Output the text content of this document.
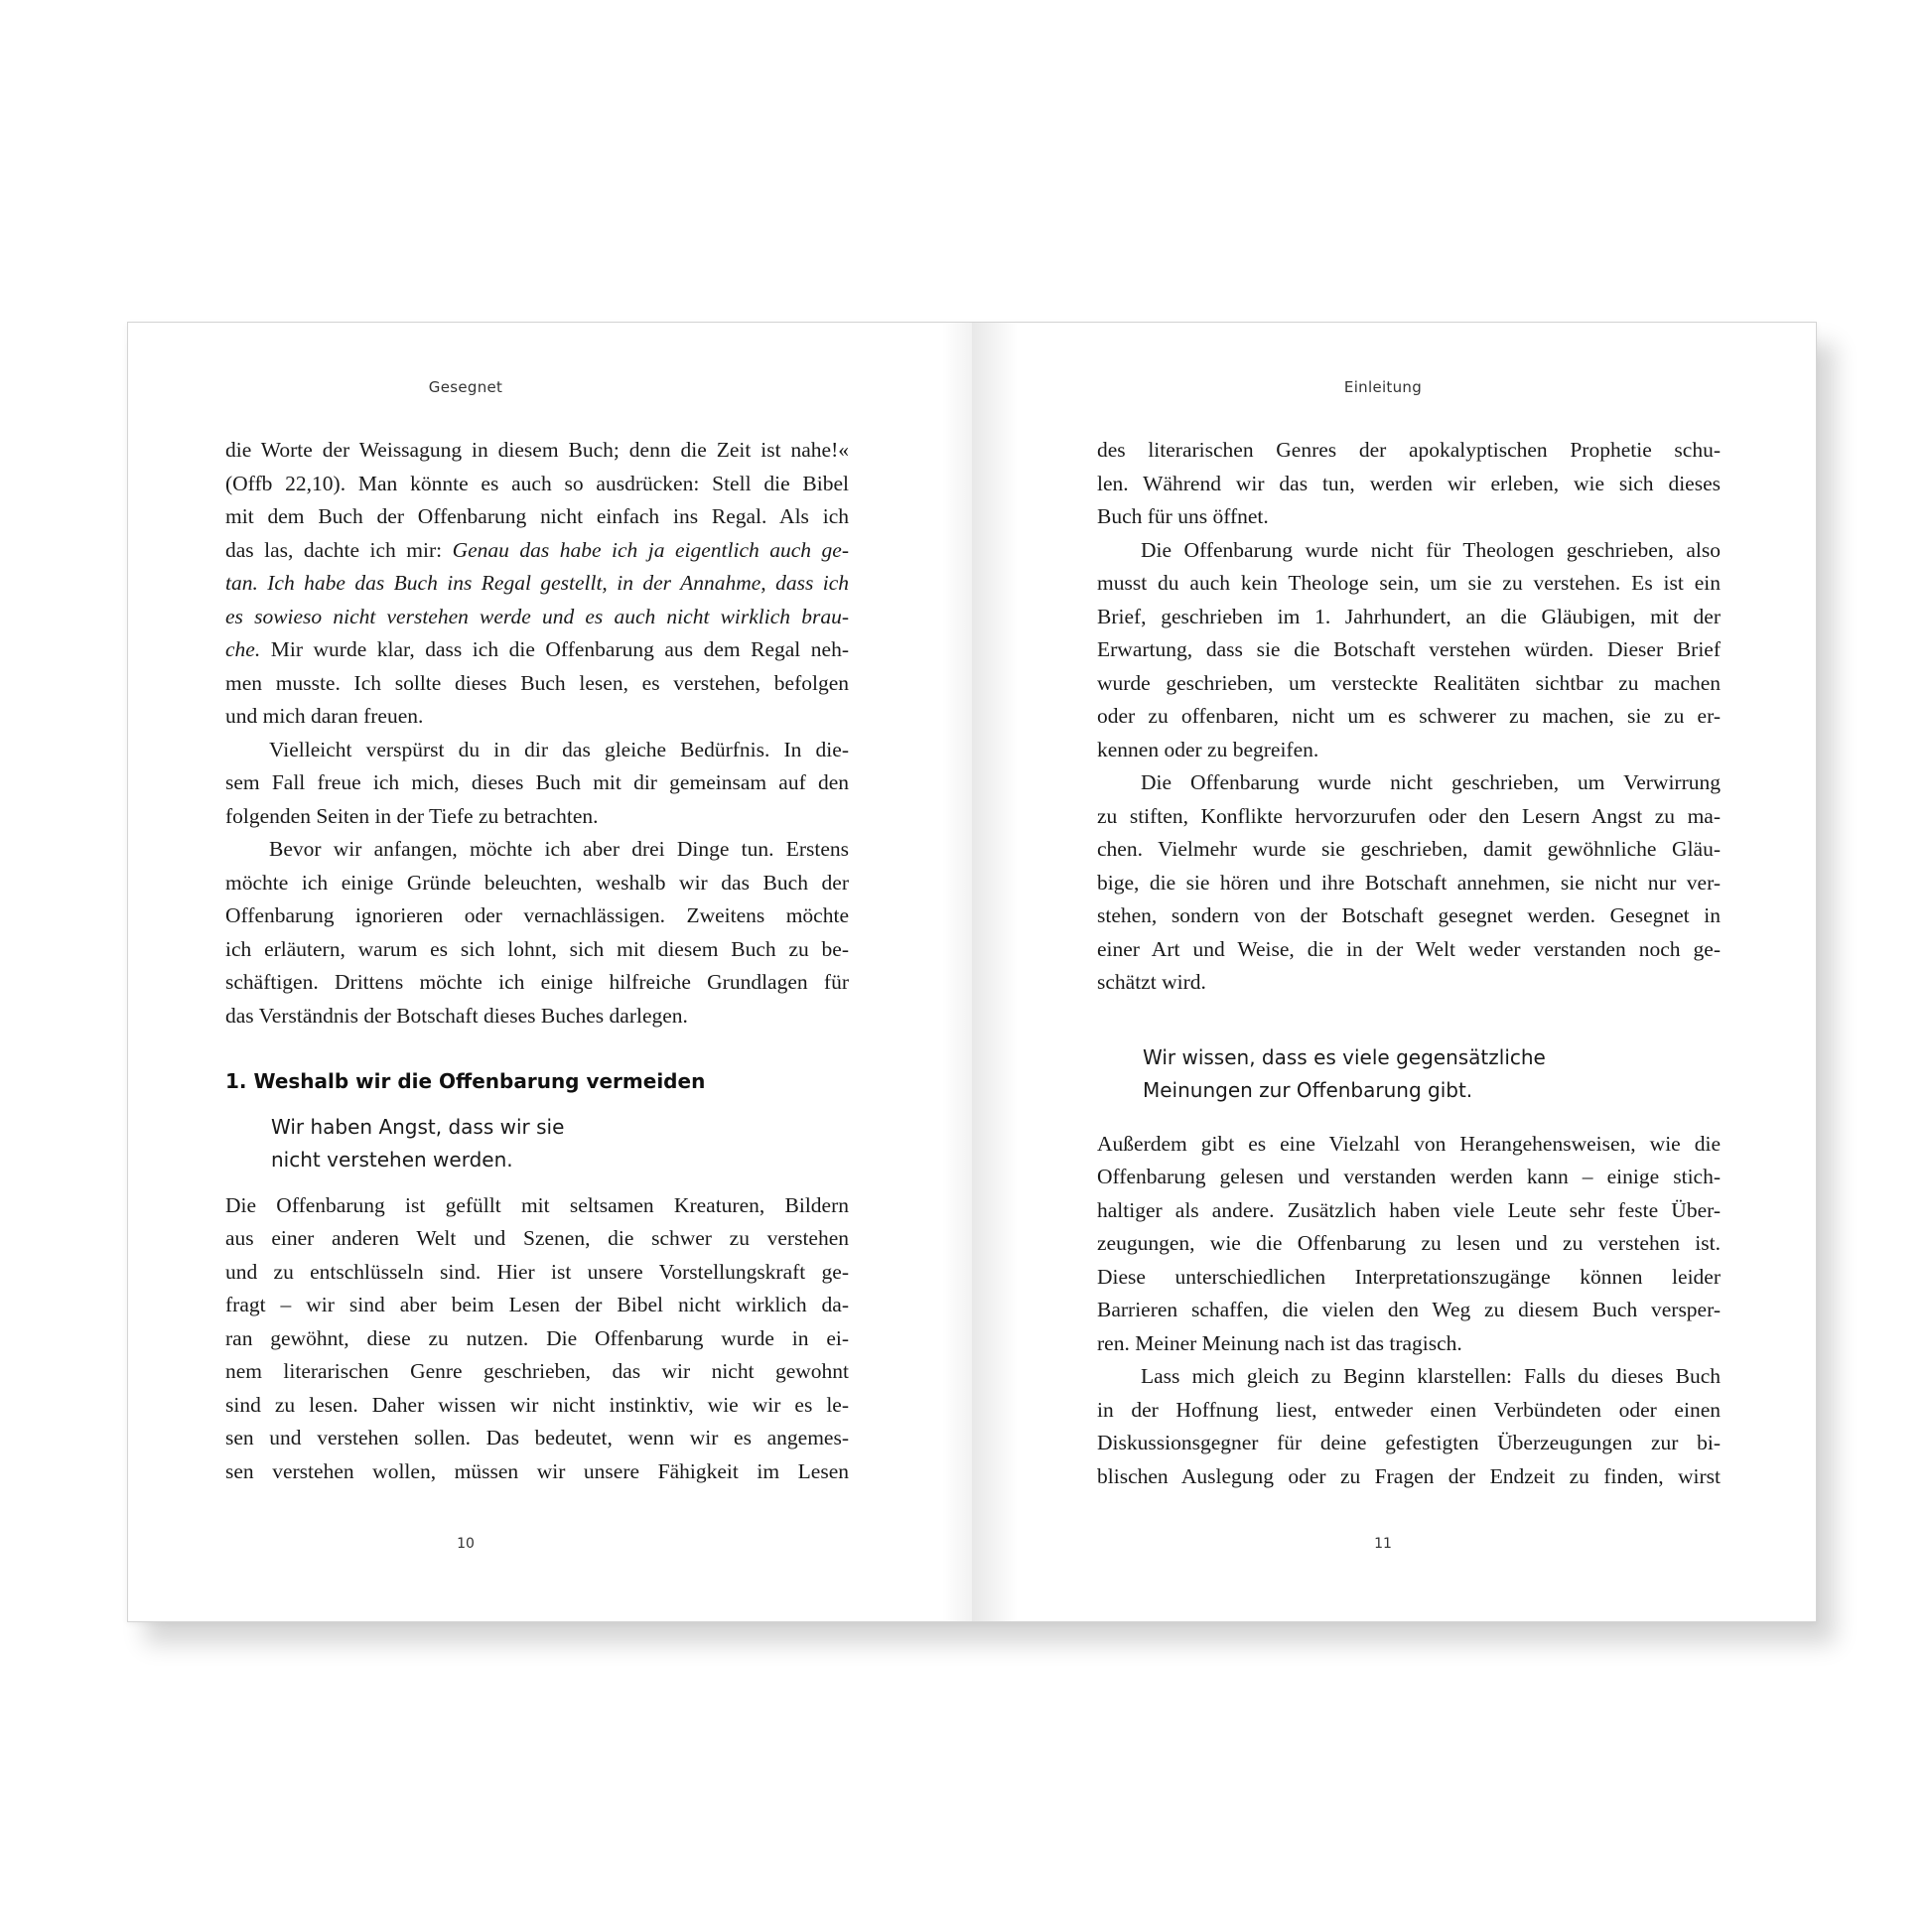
Gesegnet
die Worte der Weissagung in diesem Buch; denn die Zeit ist nahe!«
(Offb 22,10). Man könnte es auch so ausdrücken: Stell die Bibel
mit dem Buch der Offenbarung nicht einfach ins Regal. Als ich
das las, dachte ich mir: Genau das habe ich ja eigentlich auch ge-
tan. Ich habe das Buch ins Regal gestellt, in der Annahme, dass ich
es sowieso nicht verstehen werde und es auch nicht wirklich brau-
che. Mir wurde klar, dass ich die Offenbarung aus dem Regal neh-
men musste. Ich sollte dieses Buch lesen, es verstehen, befolgen
und mich daran freuen.
Vielleicht verspürst du in dir das gleiche Bedürfnis. In die-
sem Fall freue ich mich, dieses Buch mit dir gemeinsam auf den
folgenden Seiten in der Tiefe zu betrachten.
Bevor wir anfangen, möchte ich aber drei Dinge tun. Erstens
möchte ich einige Gründe beleuchten, weshalb wir das Buch der
Offenbarung ignorieren oder vernachlässigen. Zweitens möchte
ich erläutern, warum es sich lohnt, sich mit diesem Buch zu be-
schäftigen. Drittens möchte ich einige hilfreiche Grundlagen für
das Verständnis der Botschaft dieses Buches darlegen.
1. Weshalb wir die Offenbarung vermeiden
Wir haben Angst, dass wir sie
nicht verstehen werden.
Die Offenbarung ist gefüllt mit seltsamen Kreaturen, Bildern
aus einer anderen Welt und Szenen, die schwer zu verstehen
und zu entschlüsseln sind. Hier ist unsere Vorstellungskraft ge-
fragt – wir sind aber beim Lesen der Bibel nicht wirklich da-
ran gewöhnt, diese zu nutzen. Die Offenbarung wurde in ei-
nem literarischen Genre geschrieben, das wir nicht gewohnt
sind zu lesen. Daher wissen wir nicht instinktiv, wie wir es le-
sen und verstehen sollen. Das bedeutet, wenn wir es angemes-
sen verstehen wollen, müssen wir unsere Fähigkeit im Lesen
10
Einleitung
des literarischen Genres der apokalyptischen Prophetie schu-
len. Während wir das tun, werden wir erleben, wie sich dieses
Buch für uns öffnet.
Die Offenbarung wurde nicht für Theologen geschrieben, also
musst du auch kein Theologe sein, um sie zu verstehen. Es ist ein
Brief, geschrieben im 1. Jahrhundert, an die Gläubigen, mit der
Erwartung, dass sie die Botschaft verstehen würden. Dieser Brief
wurde geschrieben, um versteckte Realitäten sichtbar zu machen
oder zu offenbaren, nicht um es schwerer zu machen, sie zu er-
kennen oder zu begreifen.
Die Offenbarung wurde nicht geschrieben, um Verwirrung
zu stiften, Konflikte hervorzurufen oder den Lesern Angst zu ma-
chen. Vielmehr wurde sie geschrieben, damit gewöhnliche Gläu-
bige, die sie hören und ihre Botschaft annehmen, sie nicht nur ver-
stehen, sondern von der Botschaft gesegnet werden. Gesegnet in
einer Art und Weise, die in der Welt weder verstanden noch ge-
schätzt wird.
Wir wissen, dass es viele gegensätzliche
Meinungen zur Offenbarung gibt.
Außerdem gibt es eine Vielzahl von Herangehensweisen, wie die
Offenbarung gelesen und verstanden werden kann – einige stich-
haltiger als andere. Zusätzlich haben viele Leute sehr feste Über-
zeugungen, wie die Offenbarung zu lesen und zu verstehen ist.
Diese unterschiedlichen Interpretationszugänge können leider
Barrieren schaffen, die vielen den Weg zu diesem Buch versper-
ren. Meiner Meinung nach ist das tragisch.
Lass mich gleich zu Beginn klarstellen: Falls du dieses Buch
in der Hoffnung liest, entweder einen Verbündeten oder einen
Diskussionsgegner für deine gefestigten Überzeugungen zur bi-
blischen Auslegung oder zu Fragen der Endzeit zu finden, wirst
11
